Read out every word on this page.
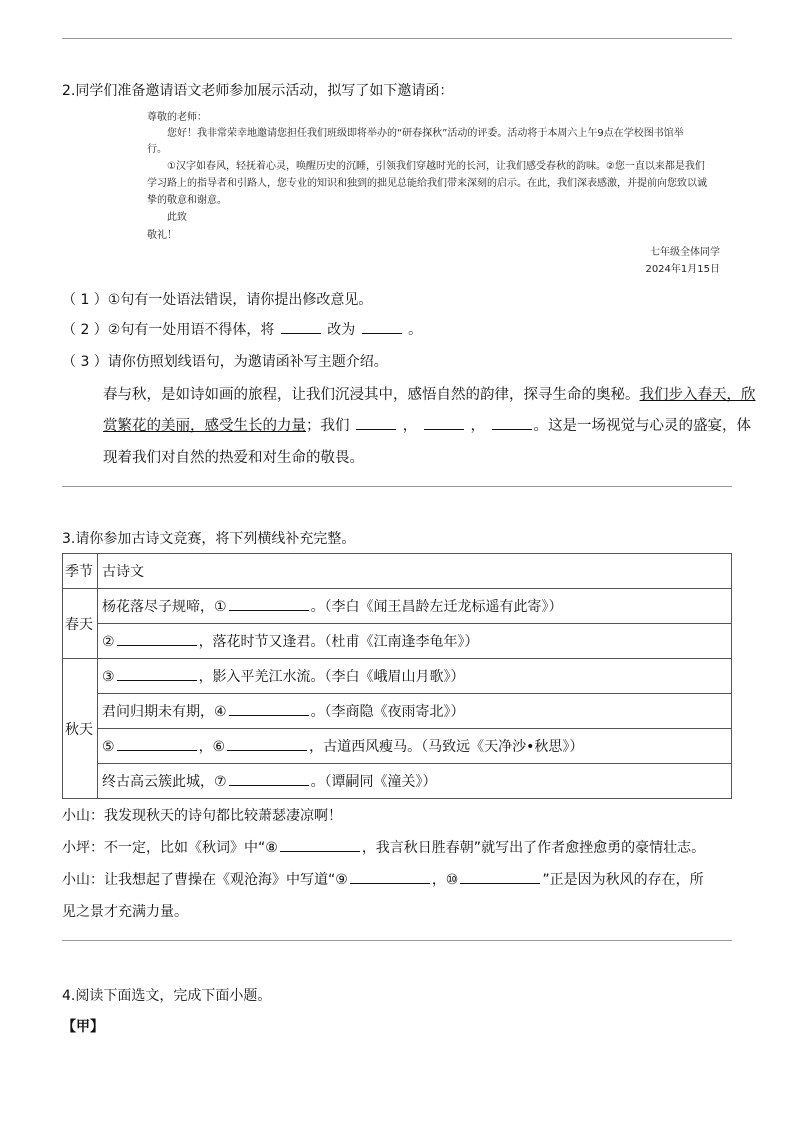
2.同学们准备邀请语文老师参加展示活动，拟写了如下邀请函：
尊敬的老师：
您好！我非常荣幸地邀请您担任我们班级即将举办的“研春探秋”活动的评委。活动将于本周六上午9点在学校图书馆举
行。
①汉字如春风，轻抚着心灵，唤醒历史的沉睡，引领我们穿越时光的长河，让我们感受春秋的韵味。②您一直以来都是我们
学习路上的指导者和引路人，您专业的知识和独到的拙见总能给我们带来深刻的启示。在此，我们深表感激，并提前向您致以诚
挚的敬意和谢意。
此致
敬礼！
七年级全体同学
2024年1月15日
（ 1 ）①句有一处语法错误，请你提出修改意见。
（ 2 ）②句有一处用语不得体，将	改为	。
（ 3 ）请你仿照划线语句，为邀请函补写主题介绍。
春与秋，是如诗如画的旅程，让我们沉浸其中，感悟自然的韵律，探寻生命的奥秘。我们步入春天，欣
赏繁花的美丽，感受生长的力量；我们	，	，	。这是一场视觉与心灵的盛宴，体
现着我们对自然的热爱和对生命的敬畏。
3.请你参加古诗文竞赛，将下列横线补充完整。
季节	古诗文
春天	杨花落尽子规啼，① 。（李白《闻王昌龄左迁龙标遥有此寄》）
	② ，落花时节又逢君。（杜甫《江南逢李龟年》）
秋天	③ ，影入平羌江水流。（李白《峨眉山月歌》）
	君问归期未有期，④ 。（李商隐《夜雨寄北》）
	⑤ ，⑥ ，古道西风瘦马。（马致远《天净沙•秋思》）
	终古高云簇此城，⑦ 。（谭嗣同《潼关》）
小山：我发现秋天的诗句都比较萧瑟凄凉啊！
小坪：不一定，比如《秋词》中“⑧	，我言秋日胜春朝”就写出了作者愈挫愈勇的豪情壮志。
小山：让我想起了曹操在《观沧海》中写道“⑨	，⑩	”正是因为秋风的存在，所
见之景才充满力量。
4.阅读下面选文，完成下面小题。
【甲】
